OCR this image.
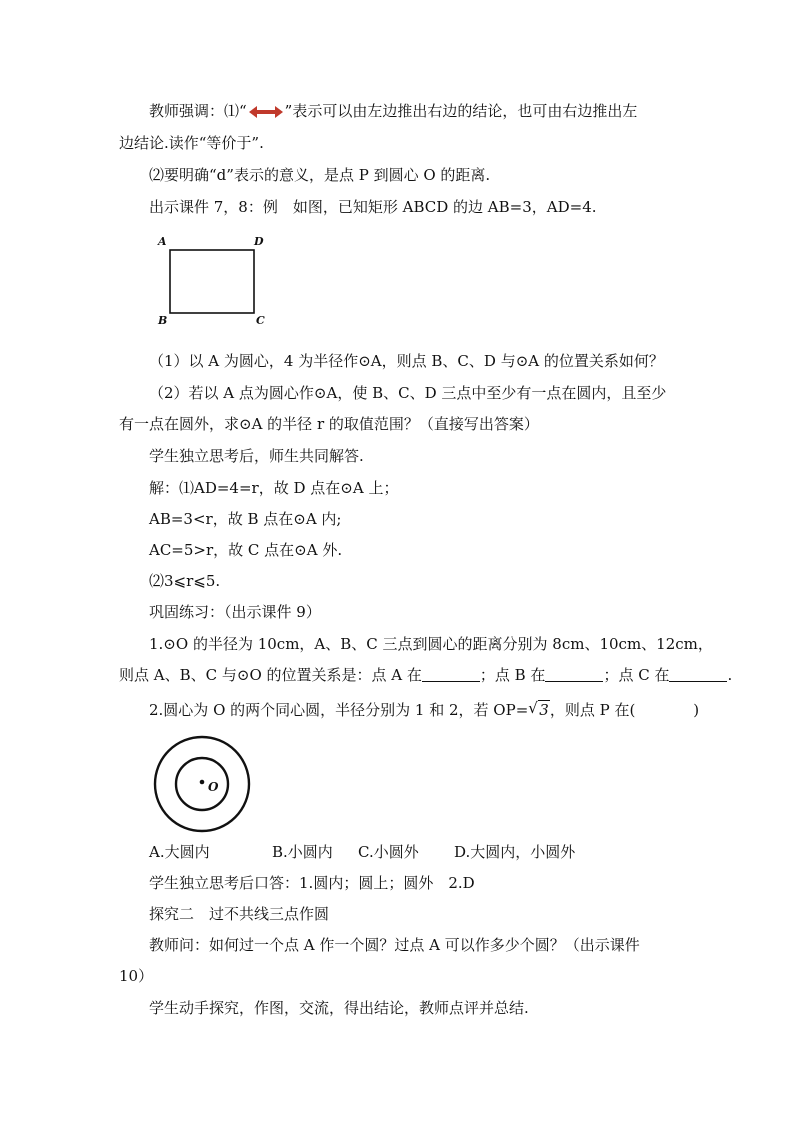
教师强调：⑴“	”表示可以由左边推出右边的结论，也可由右边推出左
边结论.读作“等价于”.
⑵要明确“d”表示的意义，是点 P 到圆心 O 的距离.
出示课件 7，8：例　如图，已知矩形 ABCD 的边 AB=3，AD=4.
A	D
B	C
（1）以 A 为圆心，4 为半径作⊙A，则点 B、C、D 与⊙A 的位置关系如何？
（2）若以 A 点为圆心作⊙A，使 B、C、D 三点中至少有一点在圆内，且至少
有一点在圆外，求⊙A 的半径 r 的取值范围？（直接写出答案）
学生独立思考后，师生共同解答.
解：⑴AD=4=r，故 D 点在⊙A 上；
AB=3<r，故 B 点在⊙A 内;
AC=5>r，故 C 点在⊙A 外.
⑵3⩽r⩽5.
巩固练习：（出示课件 9）
1.⊙O 的半径为 10cm，A、B、C 三点到圆心的距离分别为 8cm、10cm、12cm，
则点 A、B、C 与⊙O 的位置关系是：点 A 在	；点 B 在	；点 C 在	.
2.圆心为 O 的两个同心圆，半径分别为 1 和 2，若 OP= √ 3，则点 P 在(	)
O
A.大圆内	B.小圆内 C.小圆外 D.大圆内，小圆外
学生独立思考后口答：1.圆内；圆上；圆外　2.D
探究二　过不共线三点作圆
教师问：如何过一个点 A 作一个圆？过点 A 可以作多少个圆？（出示课件
10）
学生动手探究，作图，交流，得出结论，教师点评并总结.
